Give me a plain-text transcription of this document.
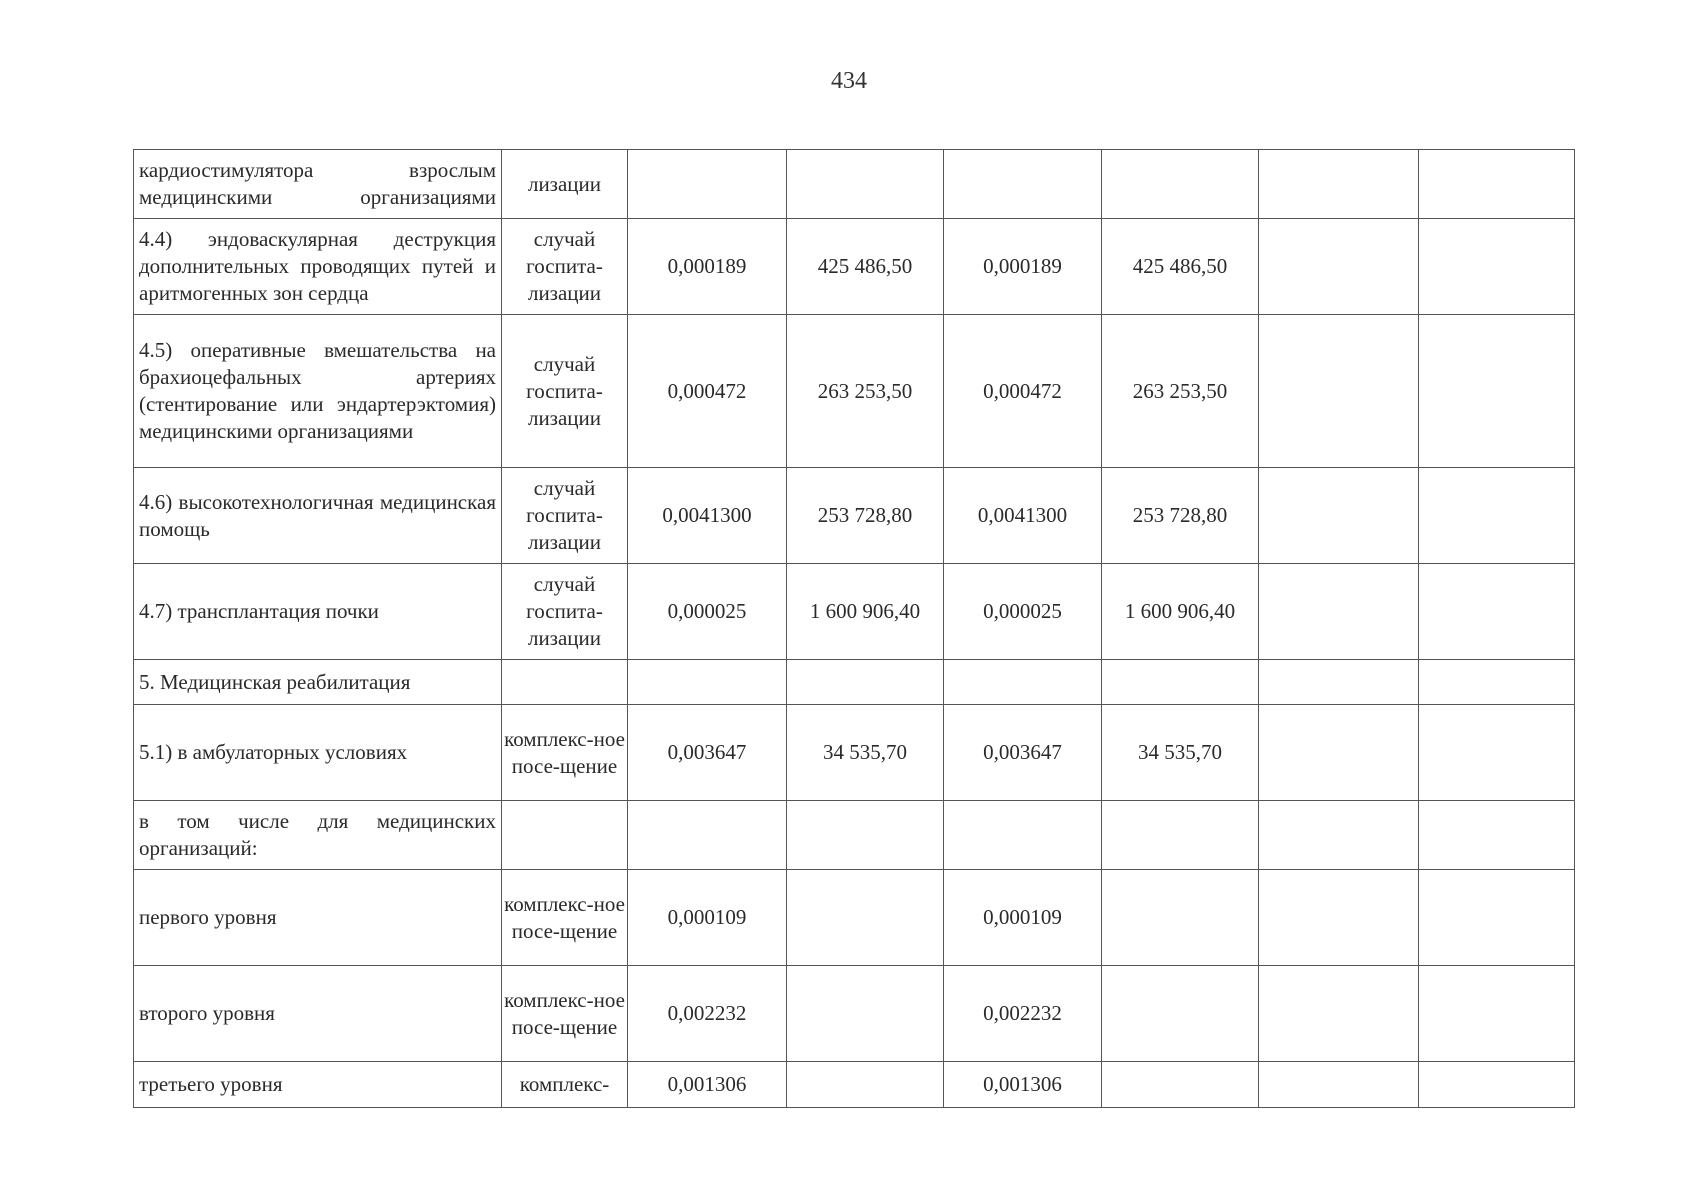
434
кардиостимулятора взрослым медицинскими организациями	лизации						
4.4) эндоваскулярная деструкция дополнительных проводящих путей и аритмогенных зон сердца	случай госпита-лизации	0,000189	425 486,50	0,000189	425 486,50		
4.5) оперативные вмешательства на брахиоцефальных артериях (стентирование или эндартерэктомия) медицинскими организациями	случай госпита-лизации	0,000472	263 253,50	0,000472	263 253,50		
4.6) высокотехнологичная медицинская помощь	случай госпита-лизации	0,0041300	253 728,80	0,0041300	253 728,80		
4.7) трансплантация почки	случай госпита-лизации	0,000025	1 600 906,40	0,000025	1 600 906,40		
5. Медицинская реабилитация							
5.1) в амбулаторных условиях	комплекс-ное посе-щение	0,003647	34 535,70	0,003647	34 535,70		
в том числе для медицинских организаций:							
первого уровня	комплекс-ное посе-щение	0,000109		0,000109			
второго уровня	комплекс-ное посе-щение	0,002232		0,002232			
третьего уровня	комплекс-	0,001306		0,001306			
